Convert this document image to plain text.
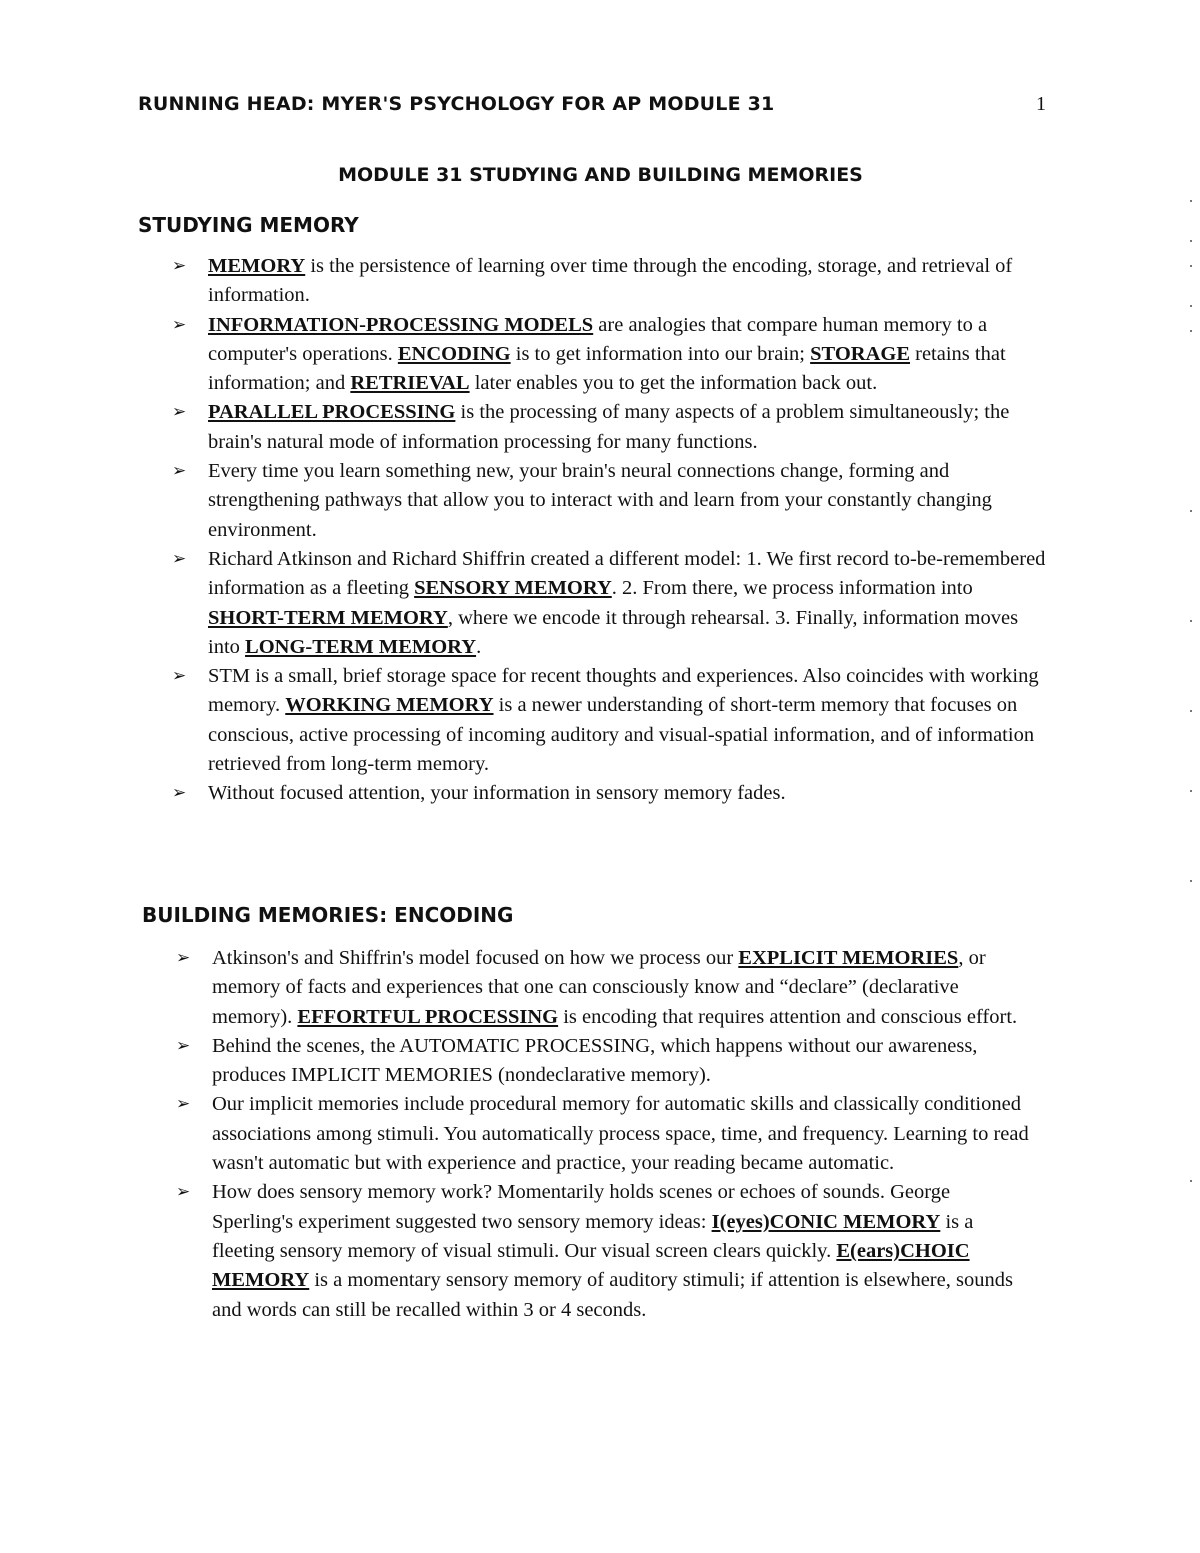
RUNNING HEAD: MYER'S PSYCHOLOGY FOR AP MODULE 31	1
MODULE 31 STUDYING AND BUILDING MEMORIES
STUDYING MEMORY
➢ MEMORY is the persistence of learning over time through the encoding, storage, and retrieval of information.
➢ INFORMATION-PROCESSING MODELS are analogies that compare human memory to a computer's operations. ENCODING is to get information into our brain; STORAGE retains that information; and RETRIEVAL later enables you to get the information back out.
➢ PARALLEL PROCESSING is the processing of many aspects of a problem simultaneously; the brain's natural mode of information processing for many functions.
➢ Every time you learn something new, your brain's neural connections change, forming and strengthening pathways that allow you to interact with and learn from your constantly changing environment.
➢ Richard Atkinson and Richard Shiffrin created a different model: 1. We first record to-be-remembered information as a fleeting SENSORY MEMORY. 2. From there, we process information into SHORT-TERM MEMORY, where we encode it through rehearsal. 3. Finally, information moves into LONG-TERM MEMORY.
➢ STM is a small, brief storage space for recent thoughts and experiences. Also coincides with working memory. WORKING MEMORY is a newer understanding of short-term memory that focuses on conscious, active processing of incoming auditory and visual-spatial information, and of information retrieved from long-term memory.
➢ Without focused attention, your information in sensory memory fades.
BUILDING MEMORIES: ENCODING
➢ Atkinson's and Shiffrin's model focused on how we process our EXPLICIT MEMORIES, or memory of facts and experiences that one can consciously know and “declare” (declarative memory). EFFORTFUL PROCESSING is encoding that requires attention and conscious effort.
➢ Behind the scenes, the AUTOMATIC PROCESSING, which happens without our awareness, produces IMPLICIT MEMORIES (nondeclarative memory).
➢ Our implicit memories include procedural memory for automatic skills and classically conditioned associations among stimuli. You automatically process space, time, and frequency. Learning to read wasn't automatic but with experience and practice, your reading became automatic.
➢ How does sensory memory work? Momentarily holds scenes or echoes of sounds. George Sperling's experiment suggested two sensory memory ideas: I(eyes)CONIC MEMORY is a fleeting sensory memory of visual stimuli. Our visual screen clears quickly. E(ears)CHOIC MEMORY is a momentary sensory memory of auditory stimuli; if attention is elsewhere, sounds and words can still be recalled within 3 or 4 seconds.
